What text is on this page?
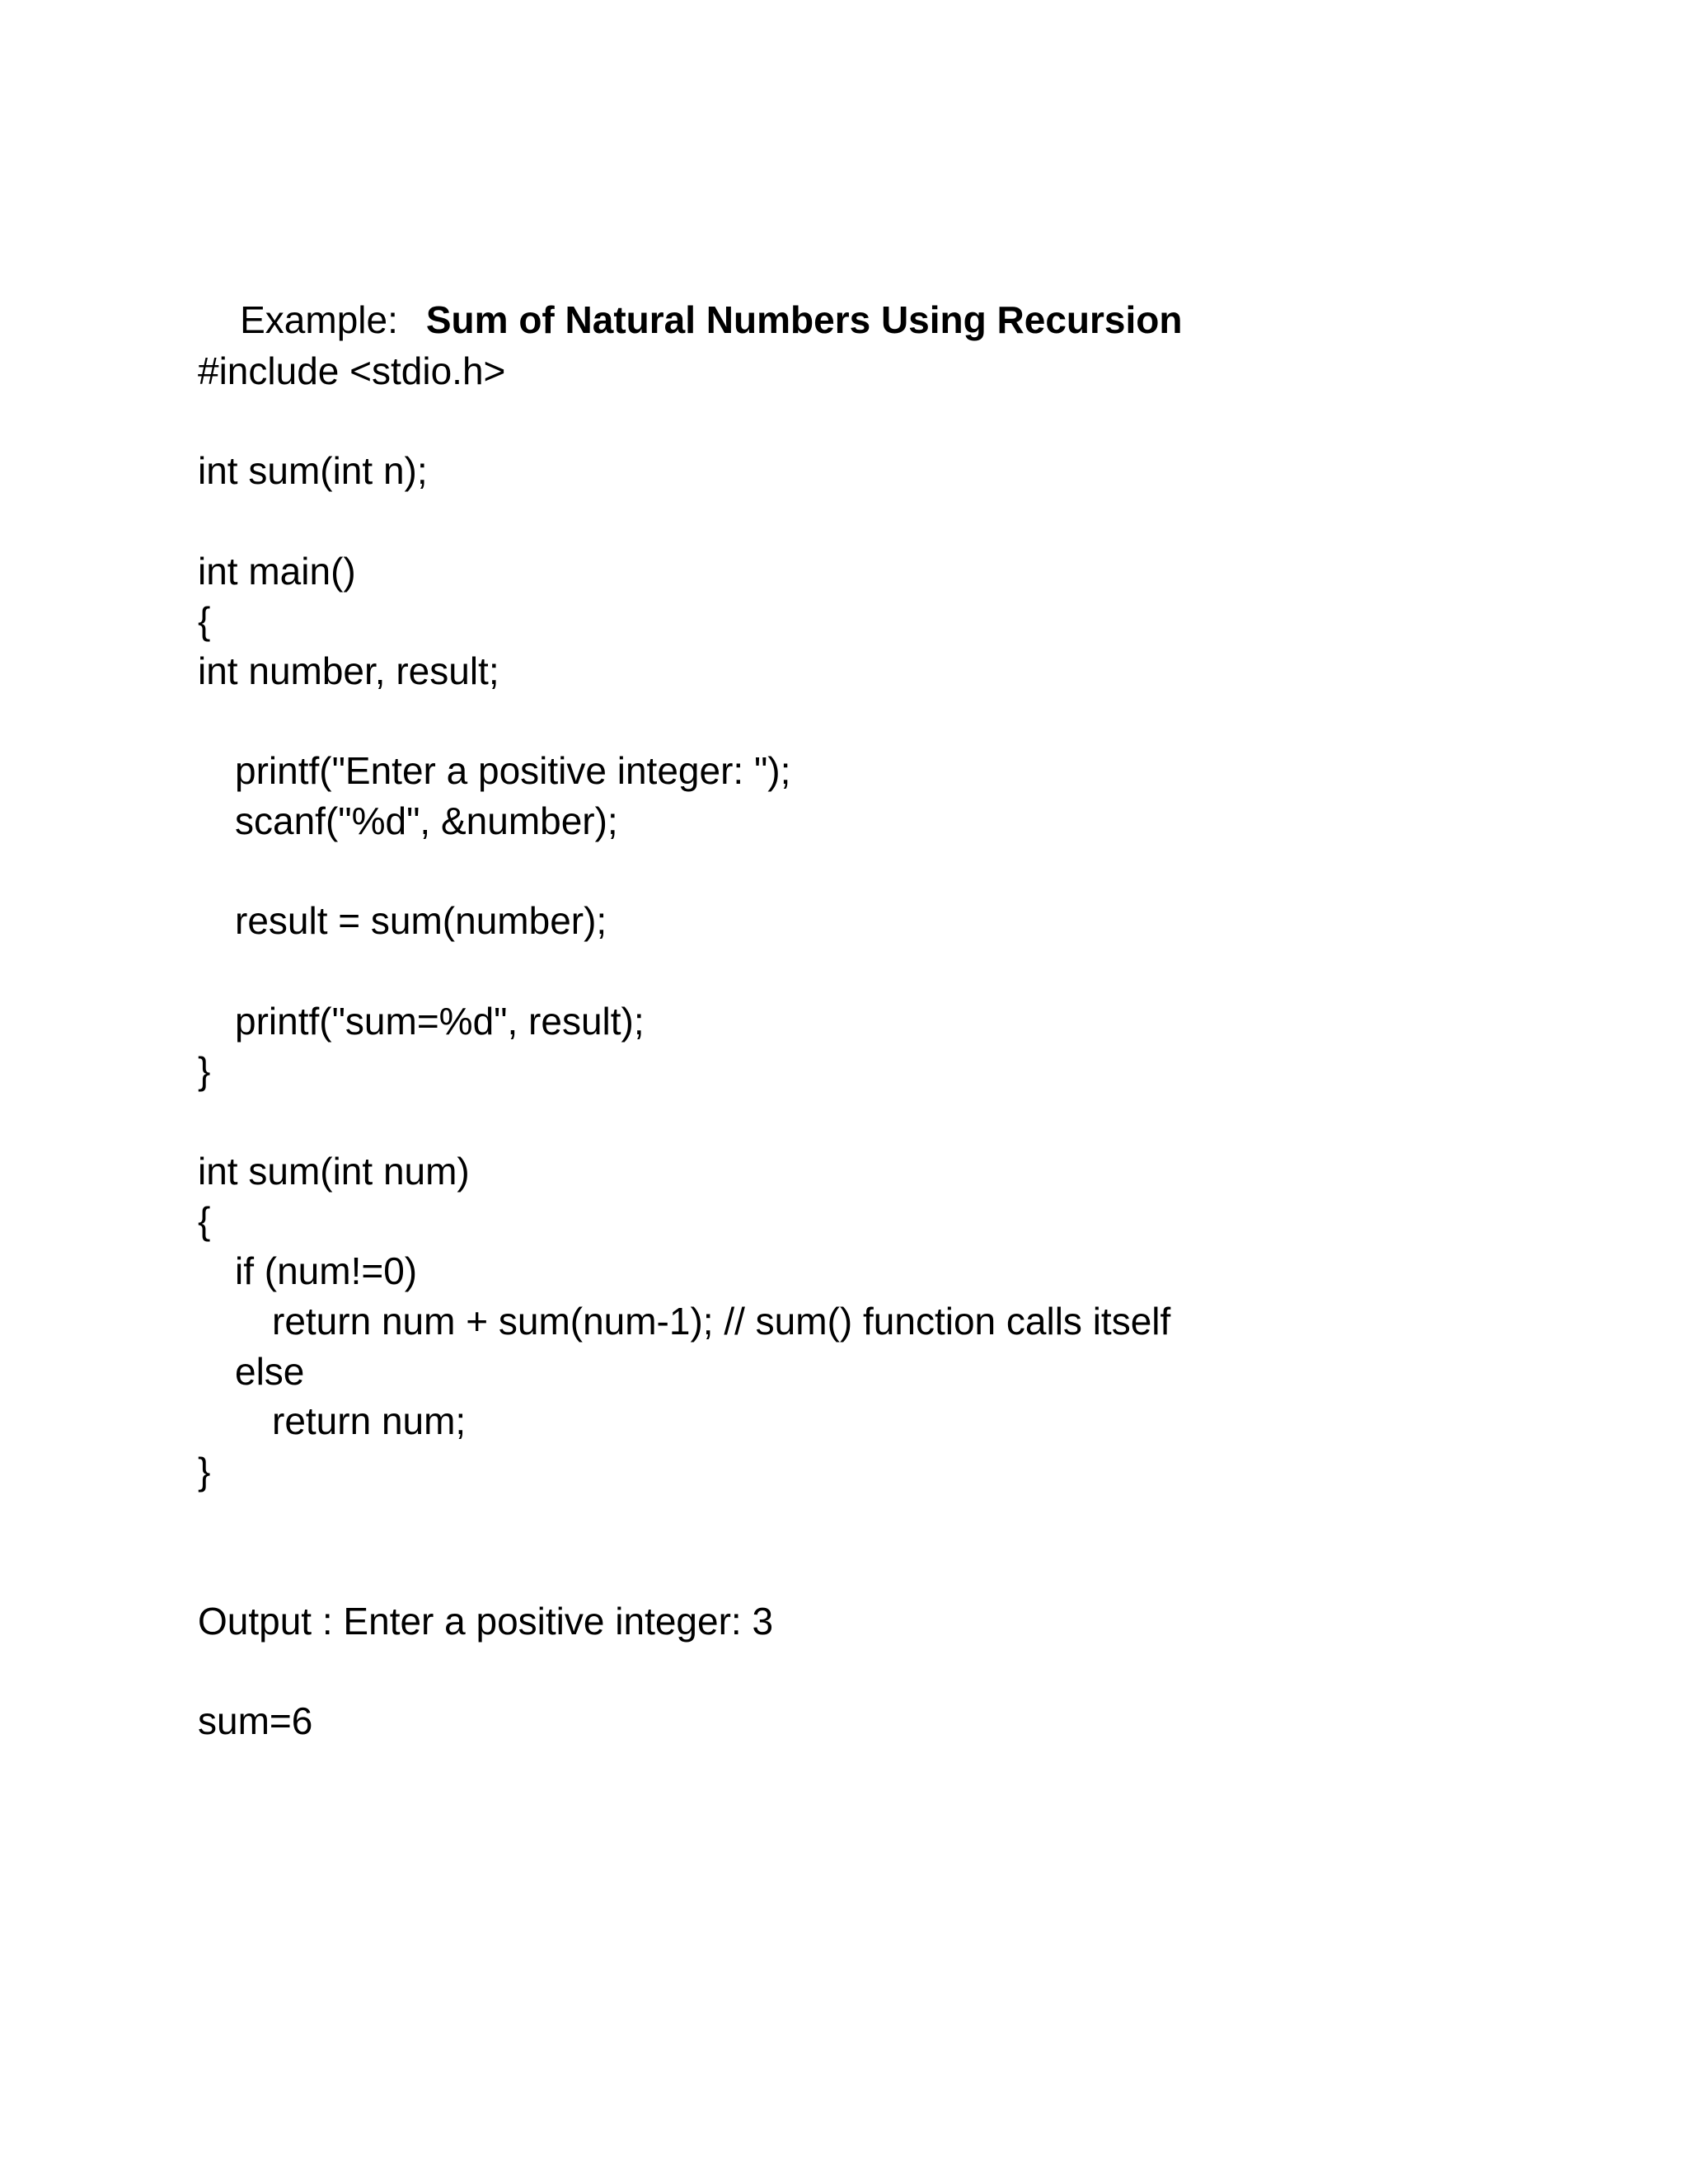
Example: Sum of Natural Numbers Using Recursion

#include <stdio.h>
int sum(int n);
int main()
{
int number, result;
printf("Enter a positive integer: ");
scanf("%d", &number);
result = sum(number);
printf("sum=%d", result);
}
int sum(int num)
{
if (num!=0)
return num + sum(num-1); // sum() function calls itself
else
return num;
}
Output : Enter a positive integer: 3
sum=6
